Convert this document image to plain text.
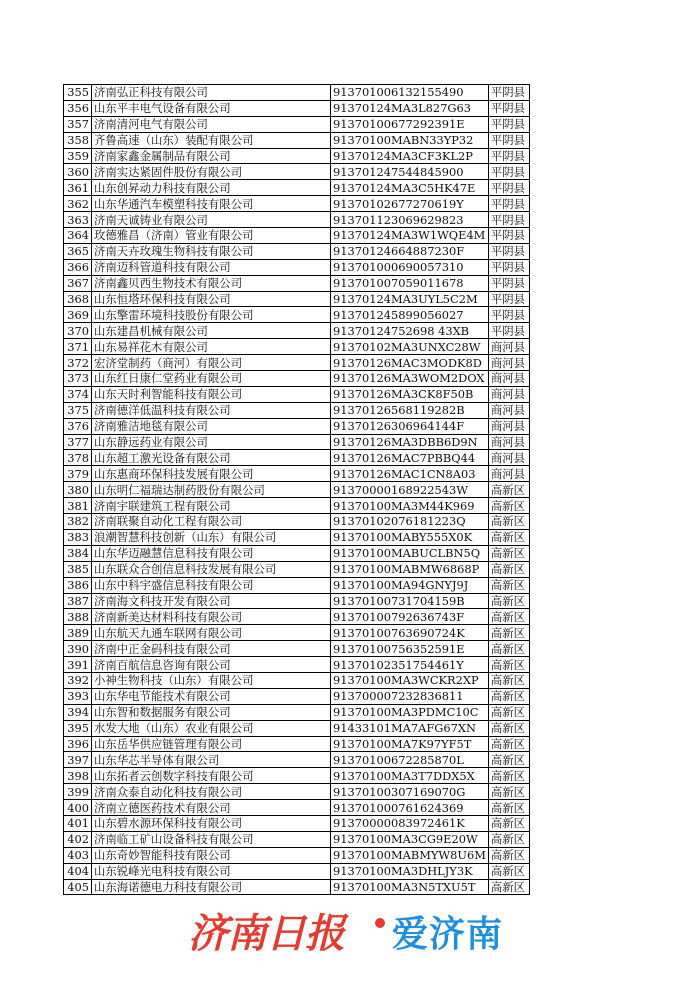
355	济南弘正科技有限公司	913701006132155490	平阴县
356	山东平丰电气设备有限公司	91370124MA3L827G63	平阴县
357	济南清河电气有限公司	91370100677292391E	平阴县
358	齐鲁高速（山东）装配有限公司	91370100MABN33YP32	平阴县
359	济南家鑫金属制品有限公司	91370124MA3CF3KL2P	平阴县
360	济南实达紧固件股份有限公司	913701247544845900	平阴县
361	山东创昇动力科技有限公司	91370124MA3C5HK47E	平阴县
362	山东华通汽车模塑科技有限公司	91370102677270619Y	平阴县
363	济南天诚铸业有限公司	913701123069629823	平阴县
364	玫德雅昌（济南）管业有限公司	91370124MA3W1WQE4M	平阴县
365	济南天卉玫瑰生物科技有限公司	91370124664887230F	平阴县
366	济南迈科管道科技有限公司	913701000690057310	平阴县
367	济南鑫贝西生物技术有限公司	913701007059011678	平阴县
368	山东恒塔环保科技有限公司	91370124MA3UYL5C2M	平阴县
369	山东擎雷环境科技股份有限公司	913701245899056027	平阴县
370	山东建昌机械有限公司	91370124752698 43XB	平阴县
371	山东易祥花木有限公司	91370102MA3UNXC28W	商河县
372	宏济堂制药（商河）有限公司	91370126MAC3MODK8D	商河县
373	山东红日康仁堂药业有限公司	91370126MA3WOM2DOX	商河县
374	山东天时利智能科技有限公司	91370126MA3CK8F50B	商河县
375	济南德洋低温科技有限公司	91370126568119282B	商河县
376	济南雅洁地毯有限公司	91370126306964144F	商河县
377	山东静远药业有限公司	91370126MA3DBB6D9N	商河县
378	山东超工激光设备有限公司	91370126MAC7PBBQ44	商河县
379	山东惠商环保科技发展有限公司	91370126MAC1CN8A03	商河县
380	山东明仁福瑞达制药股份有限公司	91370000168922543W	高新区
381	济南宇联建筑工程有限公司	91370100MA3M44K969	高新区
382	济南联聚自动化工程有限公司	91370102076181223Q	高新区
383	浪潮智慧科技创新（山东）有限公司	91370100MABY555X0K	高新区
384	山东华迈融慧信息科技有限公司	91370100MABUCLBN5Q	高新区
385	山东联众合创信息科技发展有限公司	91370100MABMW6868P	高新区
386	山东中科宇盛信息科技有限公司	91370100MA94GNYJ9J	高新区
387	济南海文科技开发有限公司	91370100731704159B	高新区
388	济南新美达材料科技有限公司	91370100792636743F	高新区
389	山东航天九通车联网有限公司	91370100763690724K	高新区
390	济南中正金码科技有限公司	91370100756352591E	高新区
391	济南百航信息咨询有限公司	91370102351754461Y	高新区
392	小神生物科技（山东）有限公司	91370100MA3WCKR2XP	高新区
393	山东华电节能技术有限公司	913700007232836811	高新区
394	山东智和数据服务有限公司	91370100MA3PDMC10C	高新区
395	水发大地（山东）农业有限公司	91433101MA7AFG67XN	高新区
396	山东岳华供应链管理有限公司	91370100MA7K97YF5T	高新区
397	山东华芯半导体有限公司	91370100672285870L	高新区
398	山东拓者云创数字科技有限公司	91370100MA3T7DDX5X	高新区
399	济南众泰自动化科技有限公司	91370100307169070G	高新区
400	济南立德医药技术有限公司	913701000761624369	高新区
401	山东碧水源环保科技有限公司	91370000083972461K	高新区
402	济南临工矿山设备科技有限公司	91370100MA3CG9E20W	高新区
403	山东奇妙智能科技有限公司	91370100MABMYW8U6M	高新区
404	山东锐峰光电科技有限公司	91370100MA3DHLJY3K	高新区
405	山东海诺德电力科技有限公司	91370100MA3N5TXU5T	高新区
济南日报 爱济南
